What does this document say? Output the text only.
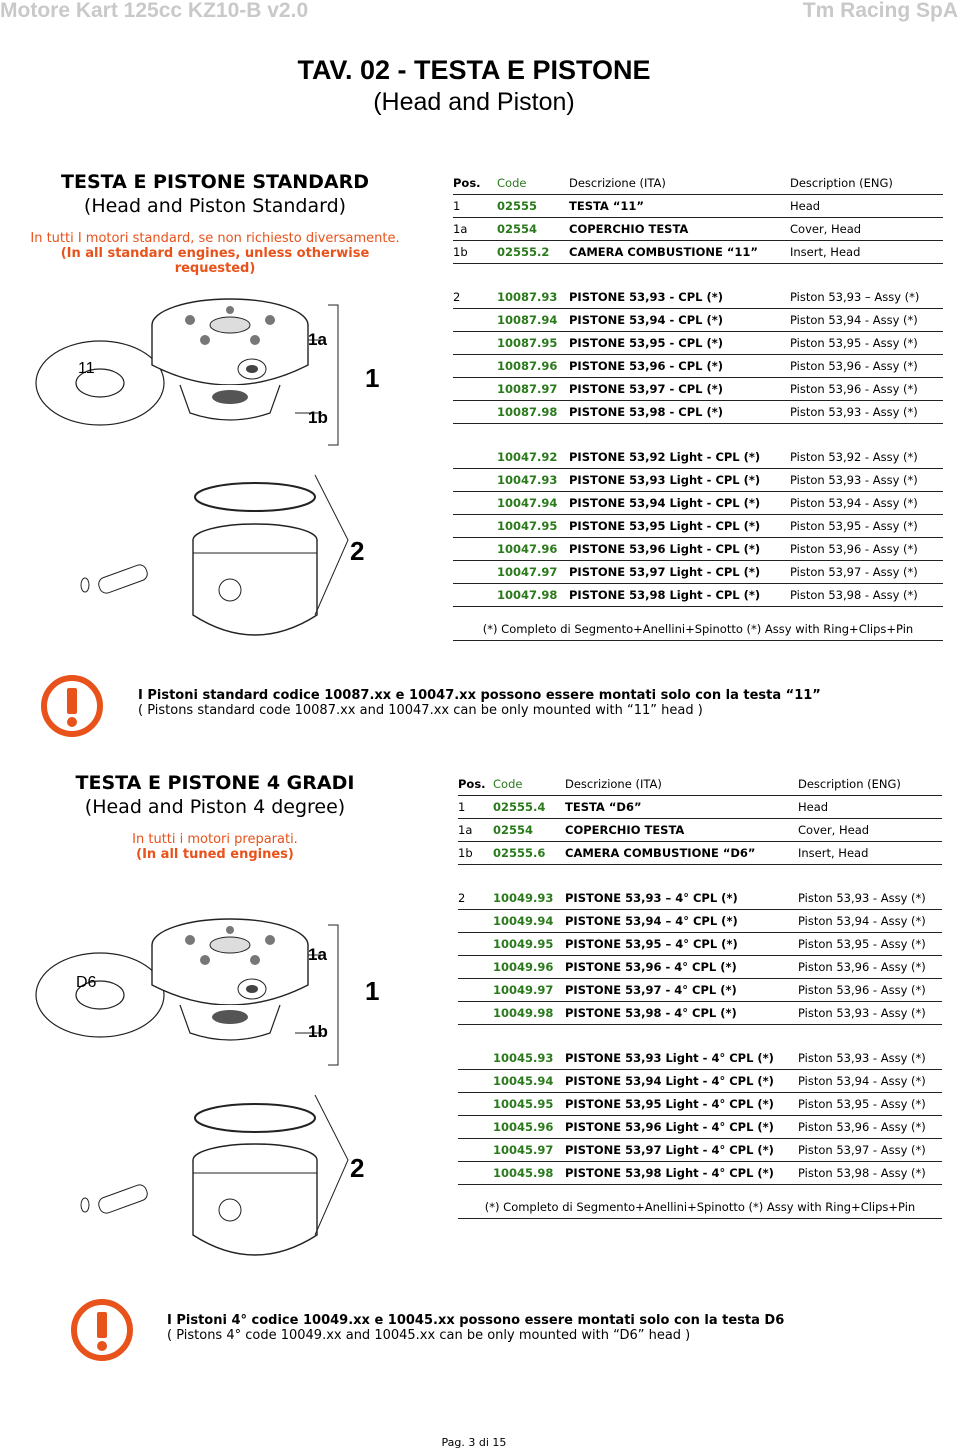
Motore Kart 125cc KZ10-B v2.0	Tm Racing SpA
TAV. 02 - TESTA E PISTONE
(Head and Piston)
TESTA E PISTONE STANDARD
(Head and Piston Standard)
In tutti I motori standard, se non richiesto diversamente.
(In all standard engines, unless otherwise requested)
11
1a
1b
1
2
Pos.	Code	Descrizione (ITA)	Description (ENG)
1	02555	TESTA “11”	Head
1a	02554	COPERCHIO TESTA	Cover, Head
1b	02555.2	CAMERA COMBUSTIONE “11”	Insert, Head

2	10087.93	PISTONE 53,93 - CPL (*)	Piston 53,93 – Assy (*)
	10087.94	PISTONE 53,94 - CPL (*)	Piston 53,94 - Assy (*)
	10087.95	PISTONE 53,95 - CPL (*)	Piston 53,95 - Assy (*)
	10087.96	PISTONE 53,96 - CPL (*)	Piston 53,96 - Assy (*)
	10087.97	PISTONE 53,97 - CPL (*)	Piston 53,96 - Assy (*)
	10087.98	PISTONE 53,98 - CPL (*)	Piston 53,93 - Assy (*)

	10047.92	PISTONE 53,92 Light - CPL (*)	Piston 53,92 - Assy (*)
	10047.93	PISTONE 53,93 Light - CPL (*)	Piston 53,93 - Assy (*)
	10047.94	PISTONE 53,94 Light - CPL (*)	Piston 53,94 - Assy (*)
	10047.95	PISTONE 53,95 Light - CPL (*)	Piston 53,95 - Assy (*)
	10047.96	PISTONE 53,96 Light - CPL (*)	Piston 53,96 - Assy (*)
	10047.97	PISTONE 53,97 Light - CPL (*)	Piston 53,97 - Assy (*)
	10047.98	PISTONE 53,98 Light - CPL (*)	Piston 53,98 - Assy (*)
(*) Completo di Segmento+Anellini+Spinotto (*) Assy with Ring+Clips+Pin
I Pistoni standard codice 10087.xx e 10047.xx possono essere montati solo con la testa “11”
( Pistons standard code 10087.xx and 10047.xx can be only mounted with “11” head )
TESTA E PISTONE 4 GRADI
(Head and Piston 4 degree)
In tutti i motori preparati.
(In all tuned engines)
D6
1a
1b
1
2
Pos.	Code	Descrizione (ITA)	Description (ENG)
1	02555.4	TESTA “D6”	Head
1a	02554	COPERCHIO TESTA	Cover, Head
1b	02555.6	CAMERA COMBUSTIONE “D6”	Insert, Head

2	10049.93	PISTONE 53,93 – 4° CPL (*)	Piston 53,93 - Assy (*)
	10049.94	PISTONE 53,94 – 4° CPL (*)	Piston 53,94 - Assy (*)
	10049.95	PISTONE 53,95 – 4° CPL (*)	Piston 53,95 - Assy (*)
	10049.96	PISTONE 53,96 - 4° CPL (*)	Piston 53,96 - Assy (*)
	10049.97	PISTONE 53,97 - 4° CPL (*)	Piston 53,96 - Assy (*)
	10049.98	PISTONE 53,98 - 4° CPL (*)	Piston 53,93 - Assy (*)

	10045.93	PISTONE 53,93 Light - 4° CPL (*)	Piston 53,93 - Assy (*)
	10045.94	PISTONE 53,94 Light - 4° CPL (*)	Piston 53,94 - Assy (*)
	10045.95	PISTONE 53,95 Light - 4° CPL (*)	Piston 53,95 - Assy (*)
	10045.96	PISTONE 53,96 Light - 4° CPL (*)	Piston 53,96 - Assy (*)
	10045.97	PISTONE 53,97 Light - 4° CPL (*)	Piston 53,97 - Assy (*)
	10045.98	PISTONE 53,98 Light - 4° CPL (*)	Piston 53,98 - Assy (*)
(*) Completo di Segmento+Anellini+Spinotto (*) Assy with Ring+Clips+Pin
I Pistoni 4° codice 10049.xx e 10045.xx possono essere montati solo con la testa D6
( Pistons 4° code 10049.xx and 10045.xx can be only mounted with “D6” head )
Pag. 3 di 15
